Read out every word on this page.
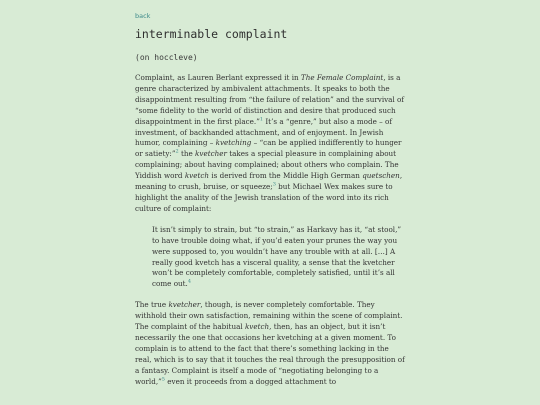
back
interminable complaint
(on hoccleve)

Complaint, as Lauren Berlant expressed it in The Female Complaint, is a genre characterized by ambivalent attachments. It speaks to both the disappointment resulting from “the failure of relation” and the survival of “some fidelity to the world of distinction and desire that produced such disappointment in the first place.”$^1$ It’s a “genre,” but also a mode – of investment, of backhanded attachment, and of enjoyment. In Jewish humor, complaining – kvetching – “can be applied indifferently to hunger or satiety:”$^2$ the kvetcher takes a special pleasure in complaining about complaining; about having complained; about others who complain. The Yiddish word kvetch is derived from the Middle High German quetschen, meaning to crush, bruise, or squeeze;$^3$ but Michael Wex makes sure to highlight the anality of the Jewish translation of the word into its rich culture of complaint:

It isn’t simply to strain, but “to strain,” as Harkavy has it, “at stool,” to have trouble doing what, if you’d eaten your prunes the way you were supposed to, you wouldn’t have any trouble with at all. […] A really good kvetch has a visceral quality, a sense that the kvetcher won’t be completely comfortable, completely satisfied, until it’s all come out.$^4$

The true kvetcher, though, is never completely comfortable. They withhold their own satisfaction, remaining within the scene of complaint. The complaint of the habitual kvetch, then, has an object, but it isn’t necessarily the one that occasions her kvetching at a given moment. To complain is to attend to the fact that there’s something lacking in the real, which is to say that it touches the real through the presupposition of a fantasy. Complaint is itself a mode of “negotiating belonging to a world,”$^5$ even it proceeds from a dogged attachment to
